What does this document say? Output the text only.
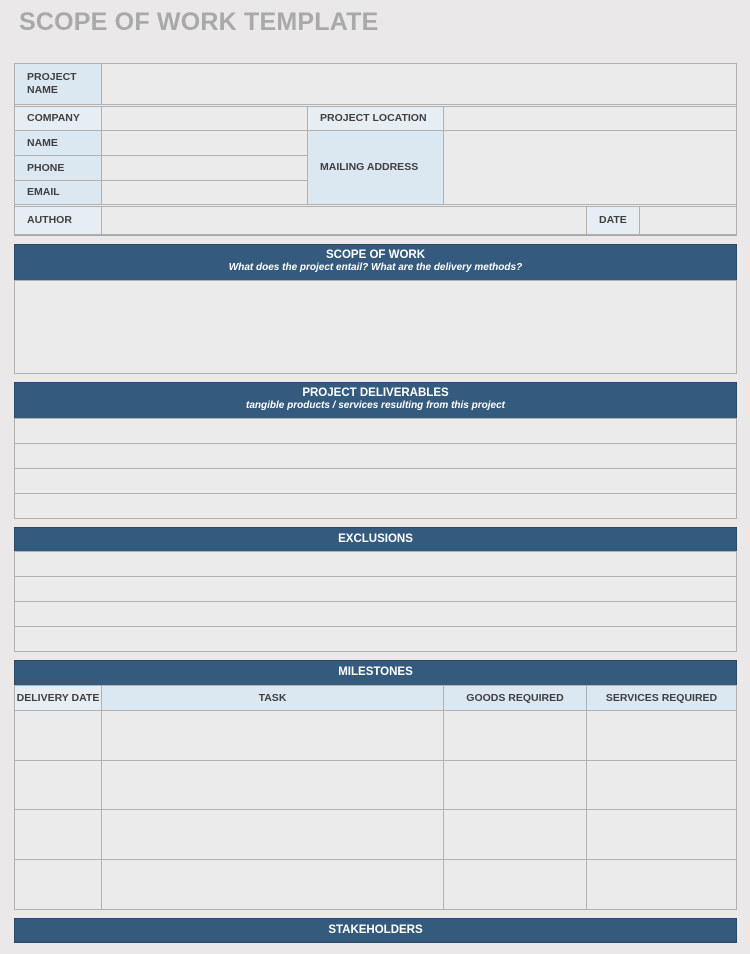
SCOPE OF WORK TEMPLATE
PROJECT
NAME
COMPANY	PROJECT LOCATION
NAME
PHONE
EMAIL
MAILING ADDRESS
AUTHOR	DATE
SCOPE OF WORK
What does the project entail? What are the delivery methods?
PROJECT DELIVERABLES
tangible products / services resulting from this project
EXCLUSIONS
MILESTONES
DELIVERY DATE	TASK	GOODS REQUIRED	SERVICES REQUIRED
STAKEHOLDERS
